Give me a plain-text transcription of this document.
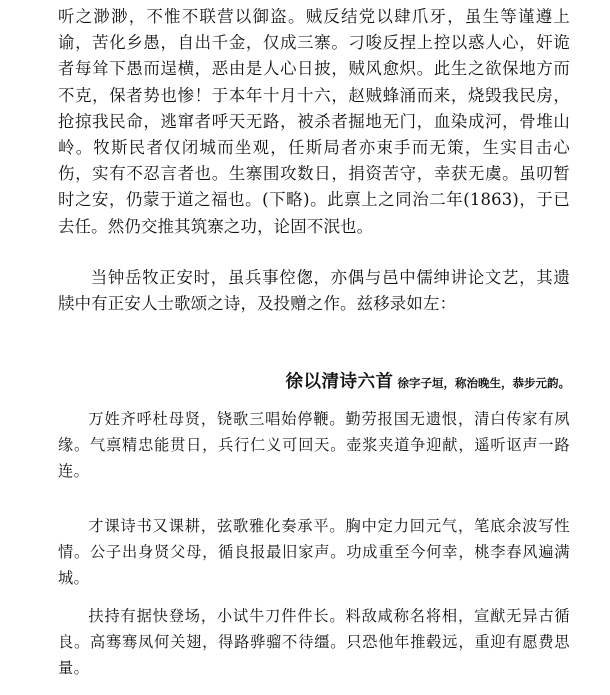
听之渺渺，不惟不联营以御盗。贼反结党以肆爪牙，虽生等谨遵上谕，苦化乡愚，自出千金，仅成三寨。刁唆反捏上控以惑人心，奸诡者每耸下愚而逞横，恶由是人心日披，贼风愈炽。此生之欲保地方而不克，保者势也惨！于本年十月十六，赵贼蜂涌而来，烧毁我民房，抢掠我民命，逃窜者呼天无路，被杀者掘地无门，血染成河，骨堆山岭。牧斯民者仅闭城而坐观，任斯局者亦束手而无策，生实目击心伤，实有不忍言者也。生寨围攻数日，捐资苦守，幸获无虞。虽叨暂时之安，仍蒙于道之福也。(下略)。此禀上之同治二年(1863)，于已去任。然仍交推其筑寨之功，论固不泯也。

当钟岳牧正安时，虽兵事倥偬，亦偶与邑中儒绅讲论文艺，其遗牍中有正安人士歌颂之诗，及投赠之作。兹移录如左：

徐以清诗六首 徐字子垣，称治晚生，恭步元韵。

万姓齐呼杜母贤，铙歌三唱始停鞭。勤劳报国无遗恨，清白传家有夙缘。气禀精忠能贯日，兵行仁义可回天。壶浆夹道争迎献，遥听讴声一路连。

才课诗书又课耕，弦歌雅化奏承平。胸中定力回元气，笔底余波写性情。公子出身贤父母，循良报最旧家声。功成重至今何幸，桃李春风遍满城。

扶持有据快登场，小试牛刀件件长。料敌咸称名将相，宣猷无异古循良。高骞骞凤何关翅，得路骅骝不待缰。只恐他年推毂远，重迎有愿费思量。
